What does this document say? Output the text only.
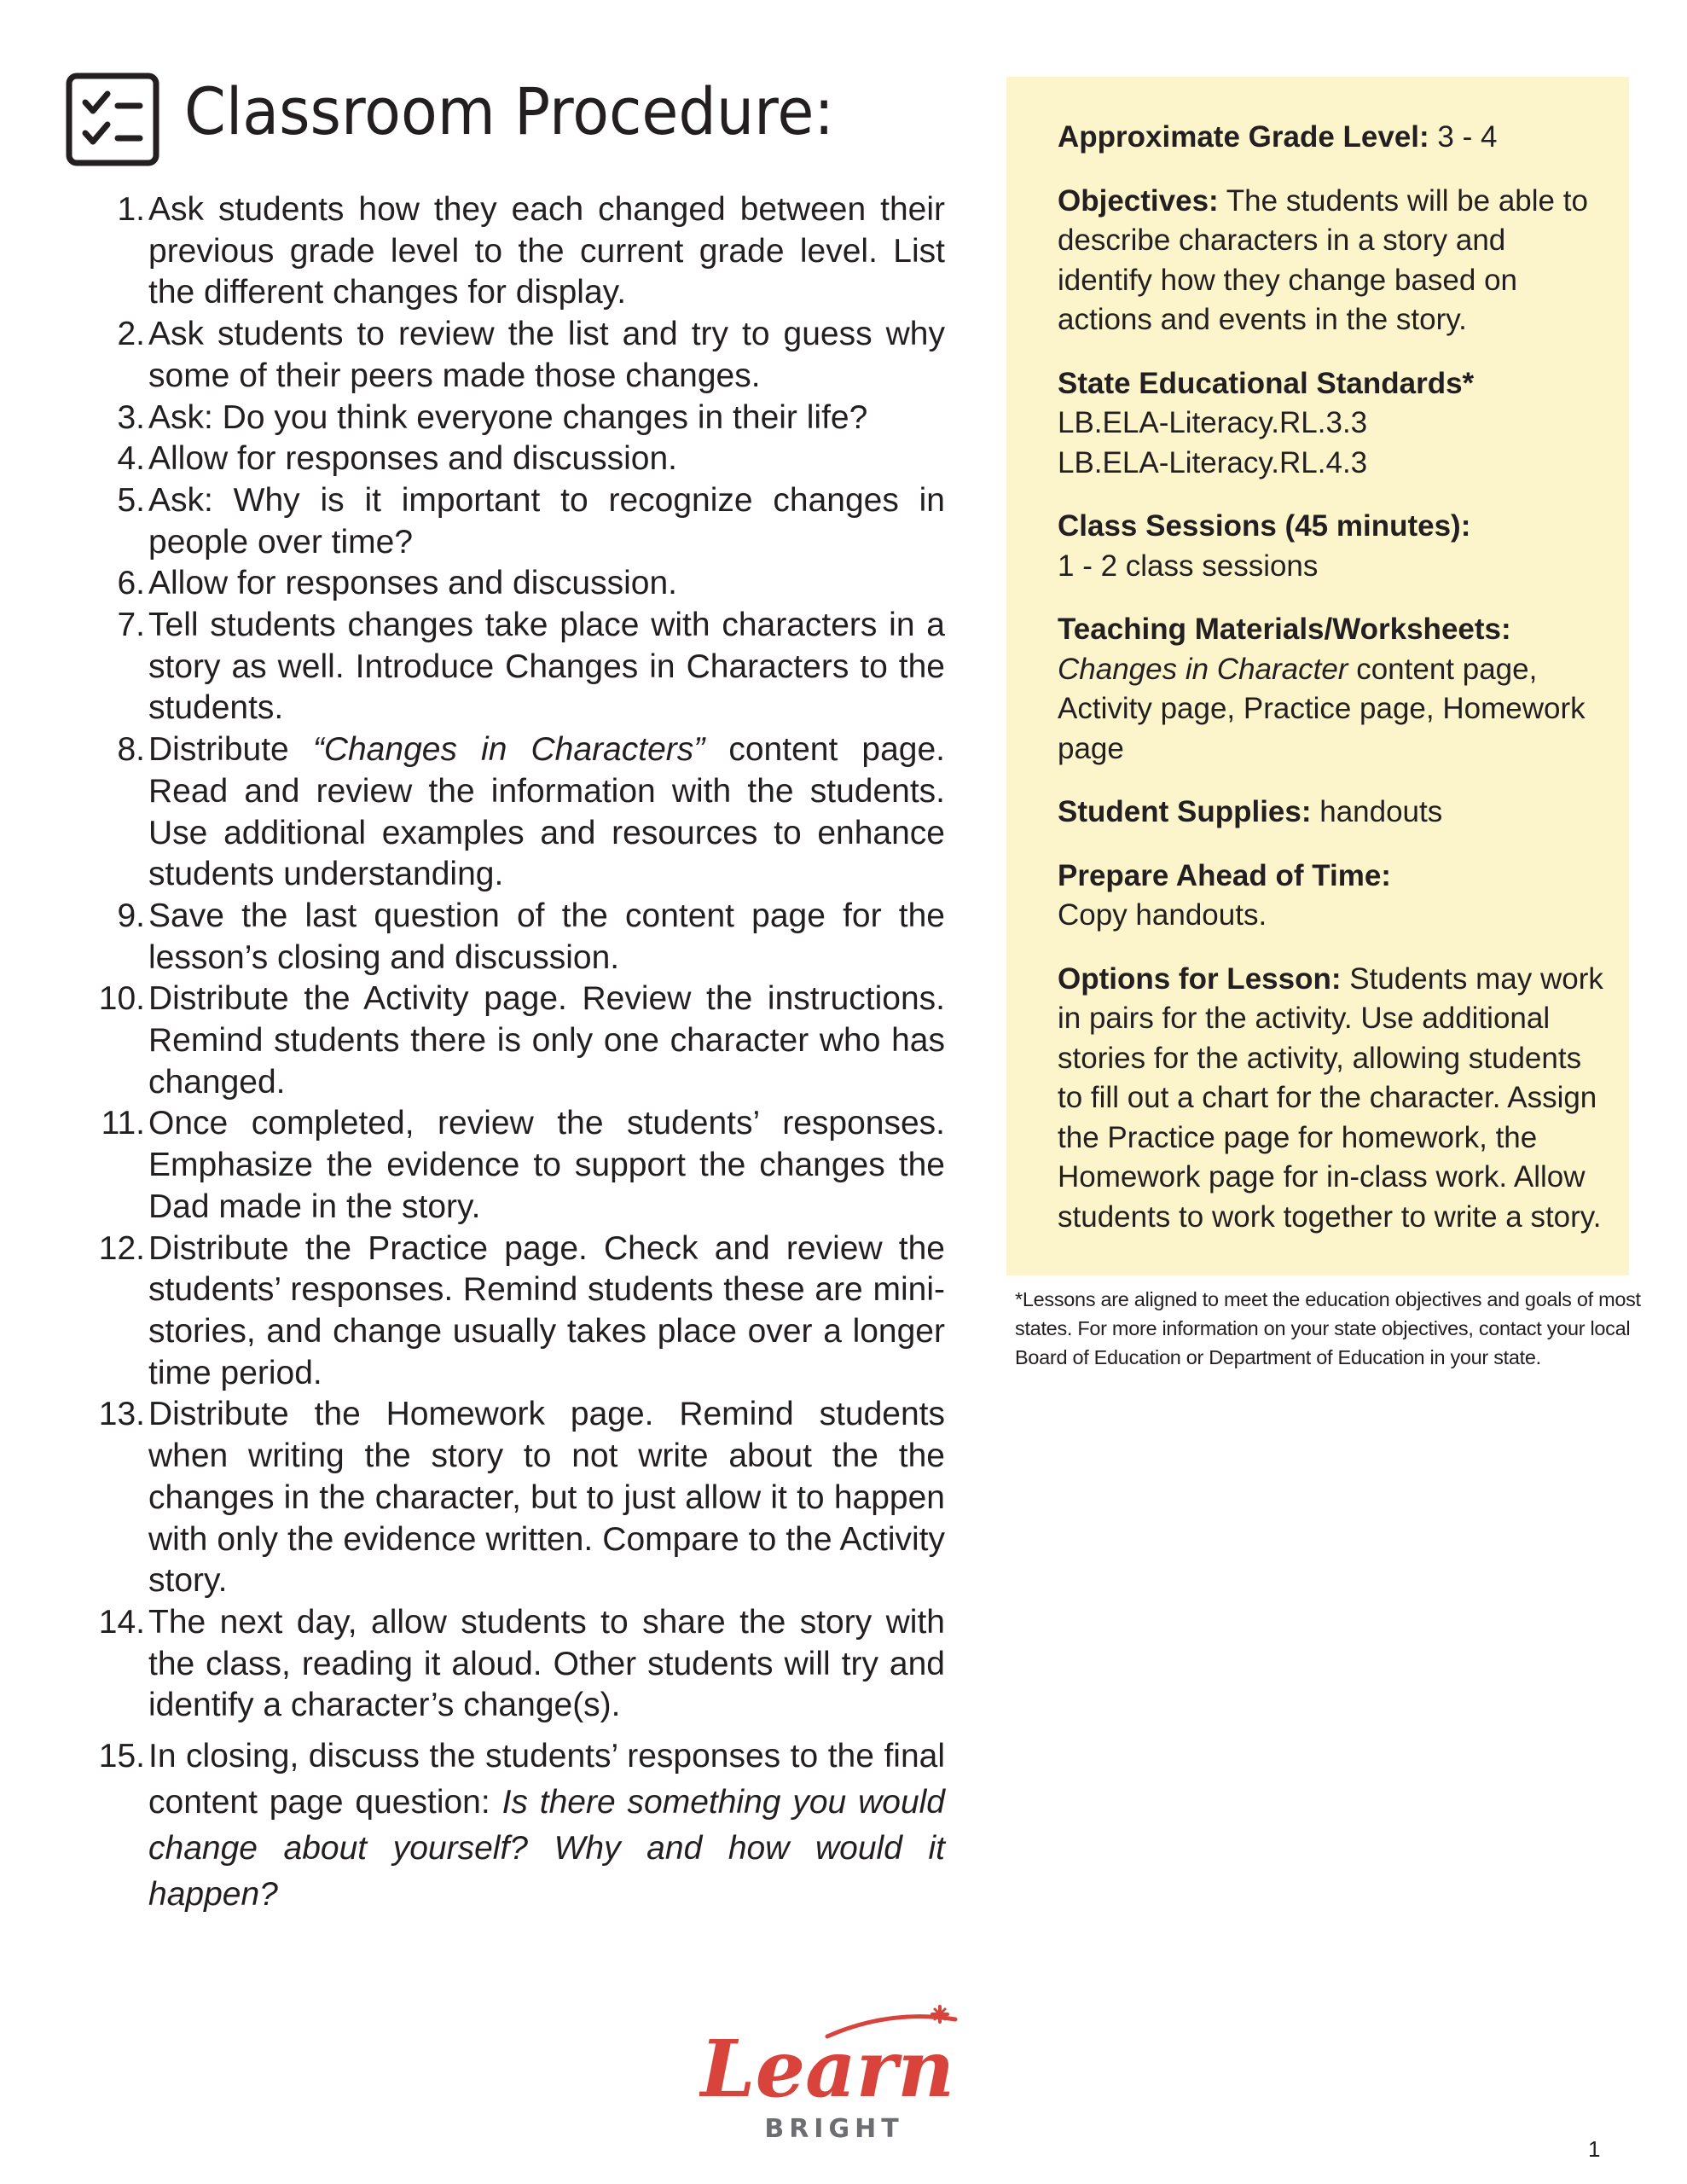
Classroom Procedure:
1. Ask students how they each changed between their previous grade level to the current grade level. List the different changes for display.
2. Ask students to review the list and try to guess why some of their peers made those changes.
3. Ask: Do you think everyone changes in their life?
4. Allow for responses and discussion.
5. Ask: Why is it important to recognize changes in people over time?
6. Allow for responses and discussion.
7. Tell students changes take place with characters in a story as well. Introduce Changes in Characters to the students.
8. Distribute “Changes in Characters” content page. Read and review the information with the students. Use additional examples and resources to enhance students understanding.
9. Save the last question of the content page for the lesson’s closing and discussion.
10. Distribute the Activity page. Review the instructions. Remind students there is only one character who has changed.
11. Once completed, review the students’ responses. Emphasize the evidence to support the changes the Dad made in the story.
12. Distribute the Practice page. Check and review the students’ responses. Remind students these are mini-stories, and change usually takes place over a longer time period.
13. Distribute the Homework page. Remind students when writing the story to not write about the the changes in the character, but to just allow it to happen with only the evidence written. Compare to the Activity story.
14. The next day, allow students to share the story with the class, reading it aloud. Other students will try and identify a character’s change(s).
15. In closing, discuss the students’ responses to the final content page question: Is there something you would change about yourself? Why and how would it happen?

Approximate Grade Level: 3 - 4

Objectives: The students will be able to describe characters in a story and identify how they change based on actions and events in the story.

State Educational Standards*
LB.ELA-Literacy.RL.3.3
LB.ELA-Literacy.RL.4.3

Class Sessions (45 minutes):
1 - 2 class sessions

Teaching Materials/Worksheets:
Changes in Character content page, Activity page, Practice page, Homework page

Student Supplies: handouts

Prepare Ahead of Time:
Copy handouts.

Options for Lesson: Students may work in pairs for the activity. Use additional stories for the activity, allowing students to fill out a chart for the character. Assign the Practice page for homework, the Homework page for in-class work. Allow students to work together to write a story.

*Lessons are aligned to meet the education objectives and goals of most states. For more information on your state objectives, contact your local Board of Education or Department of Education in your state.
Learn
BRIGHT
1
